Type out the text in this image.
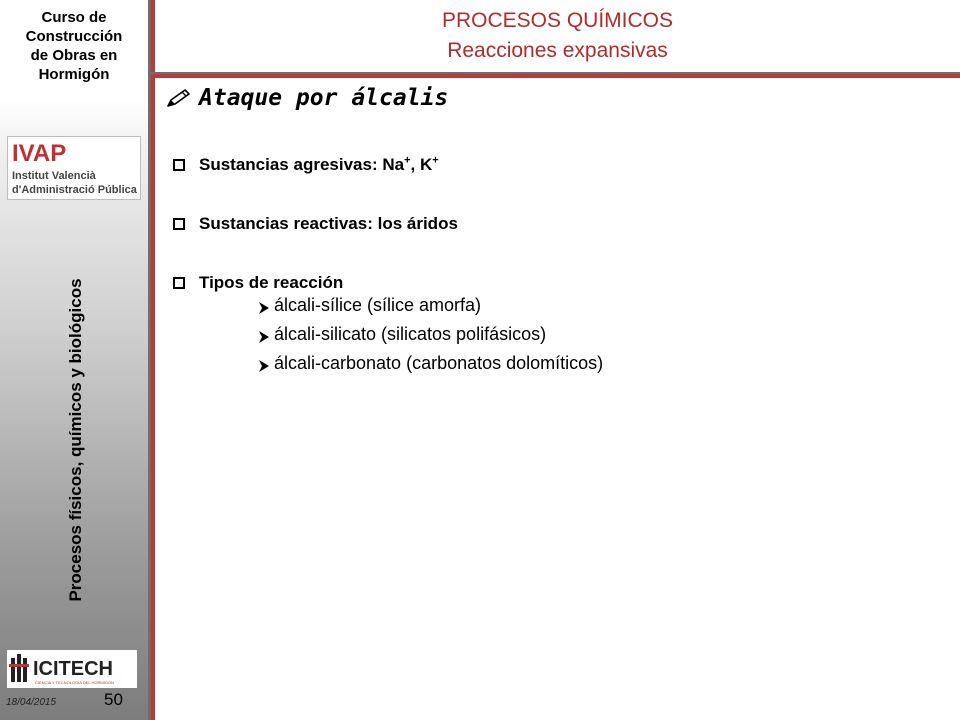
Curso de
Construcción
de Obras en
Hormigón
IVAP
Institut Valencià
d'Administració Pública
Procesos físicos, químicos y biológicos
ICITECH
CIENCIA Y TECNOLOGÍA DEL HORMIGÓN
18/04/2015	50
PROCESOS QUÍMICOS
Reacciones expansivas
Ataque por álcalis
Sustancias agresivas: Na+, K+
Sustancias reactivas: los áridos
Tipos de reacción
álcali-sílice (sílice amorfa)
álcali-silicato (silicatos polifásicos)
álcali-carbonato (carbonatos dolomíticos)
